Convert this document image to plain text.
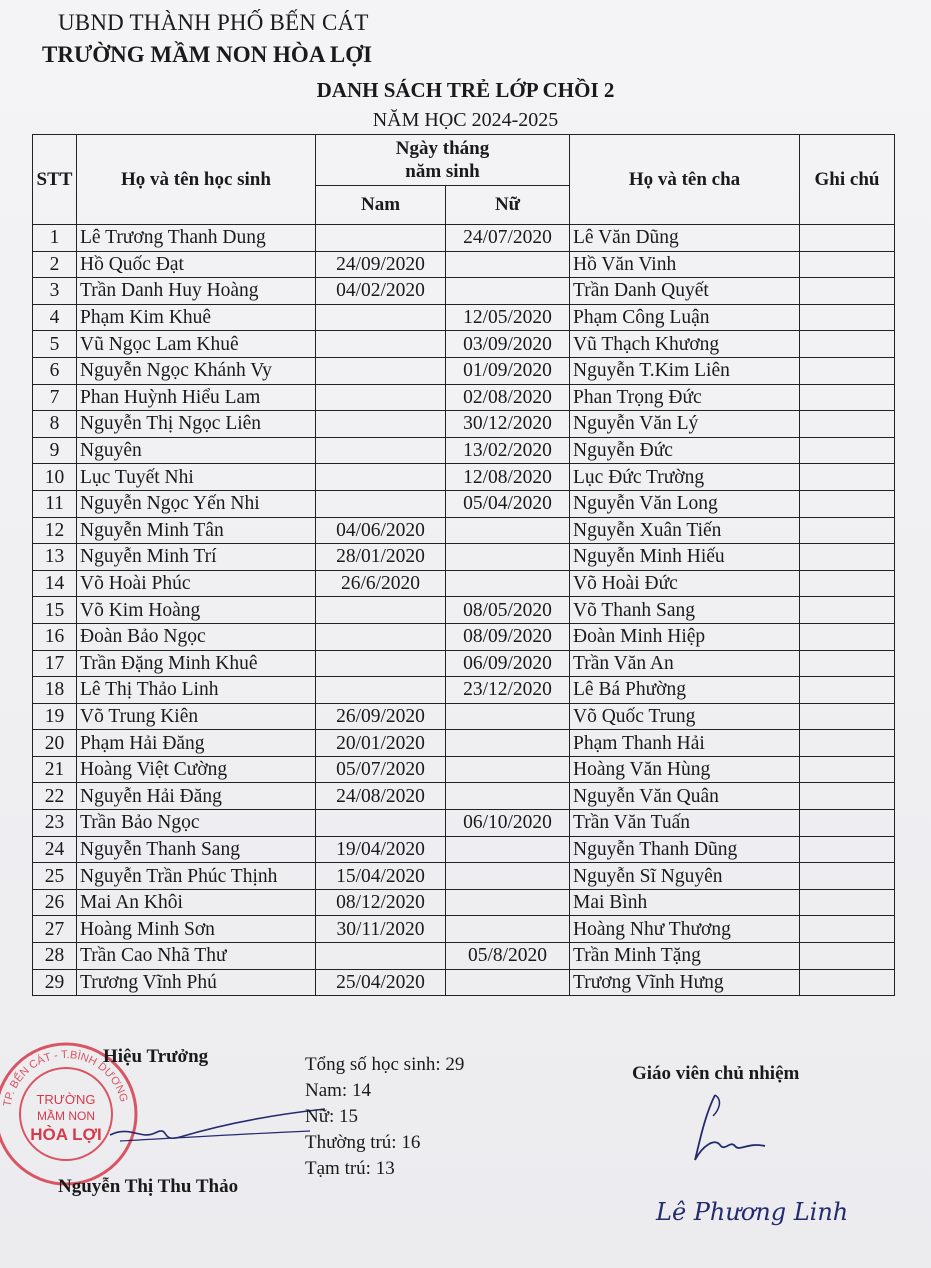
UBND THÀNH PHỐ BẾN CÁT
TRƯỜNG MẦM NON HÒA LỢI
DANH SÁCH TRẺ LỚP CHỒI 2
NĂM HỌC 2024-2025
STT	Họ và tên học sinh	Ngày tháng
năm sinh		Họ và tên cha	Ghi chú
		Nam	Nữ		
1	Lê Trương Thanh Dung		24/07/2020	Lê Văn Dũng	
2	Hồ Quốc Đạt	24/09/2020		Hồ Văn Vinh	
3	Trần Danh Huy Hoàng	04/02/2020		Trần Danh Quyết	
4	Phạm Kim Khuê		12/05/2020	Phạm Công Luận	
5	Vũ Ngọc Lam Khuê		03/09/2020	Vũ Thạch Khương	
6	Nguyễn Ngọc Khánh Vy		01/09/2020	Nguyễn T.Kim Liên	
7	Phan Huỳnh Hiểu Lam		02/08/2020	Phan Trọng Đức	
8	Nguyễn Thị Ngọc Liên		30/12/2020	Nguyễn Văn Lý	
9	Nguyên		13/02/2020	Nguyễn Đức	
10	Lục Tuyết Nhi		12/08/2020	Lục Đức Trường	
11	Nguyễn Ngọc Yến Nhi		05/04/2020	Nguyễn Văn Long	
12	Nguyễn Minh Tân	04/06/2020		Nguyễn Xuân Tiến	
13	Nguyễn Minh Trí	28/01/2020		Nguyễn Minh Hiếu	
14	Võ Hoài Phúc	26/6/2020		Võ Hoài Đức	
15	Võ Kim Hoàng		08/05/2020	Võ Thanh Sang	
16	Đoàn Bảo Ngọc		08/09/2020	Đoàn Minh Hiệp	
17	Trần Đặng Minh Khuê		06/09/2020	Trần Văn An	
18	Lê Thị Thảo Linh		23/12/2020	Lê Bá Phường	
19	Võ Trung Kiên	26/09/2020		Võ Quốc Trung	
20	Phạm Hải Đăng	20/01/2020		Phạm Thanh Hải	
21	Hoàng Việt Cường	05/07/2020		Hoàng Văn Hùng	
22	Nguyễn Hải Đăng	24/08/2020		Nguyễn Văn Quân	
23	Trần Bảo Ngọc		06/10/2020	Trần Văn Tuấn	
24	Nguyễn Thanh Sang	19/04/2020		Nguyễn Thanh Dũng	
25	Nguyễn Trần Phúc Thịnh	15/04/2020		Nguyễn Sĩ Nguyên	
26	Mai An Khôi	08/12/2020		Mai Bình	
27	Hoàng Minh Sơn	30/11/2020		Hoàng Như Thương	
28	Trần Cao Nhã Thư		05/8/2020	Trần Minh Tặng	
29	Trương Vĩnh Phú	25/04/2020		Trương Vĩnh Hưng	
TP. BẾN CÁT - T.BÌNH DƯƠNG
TRƯỜNG
MẦM NON
HÒA LỢI
Hiệu Trưởng
Nguyễn Thị Thu Thảo
Tổng số học sinh: 29
Nam: 14
Nữ: 15
Thường trú: 16
Tạm trú: 13
Giáo viên chủ nhiệm
Lê Phương Linh
